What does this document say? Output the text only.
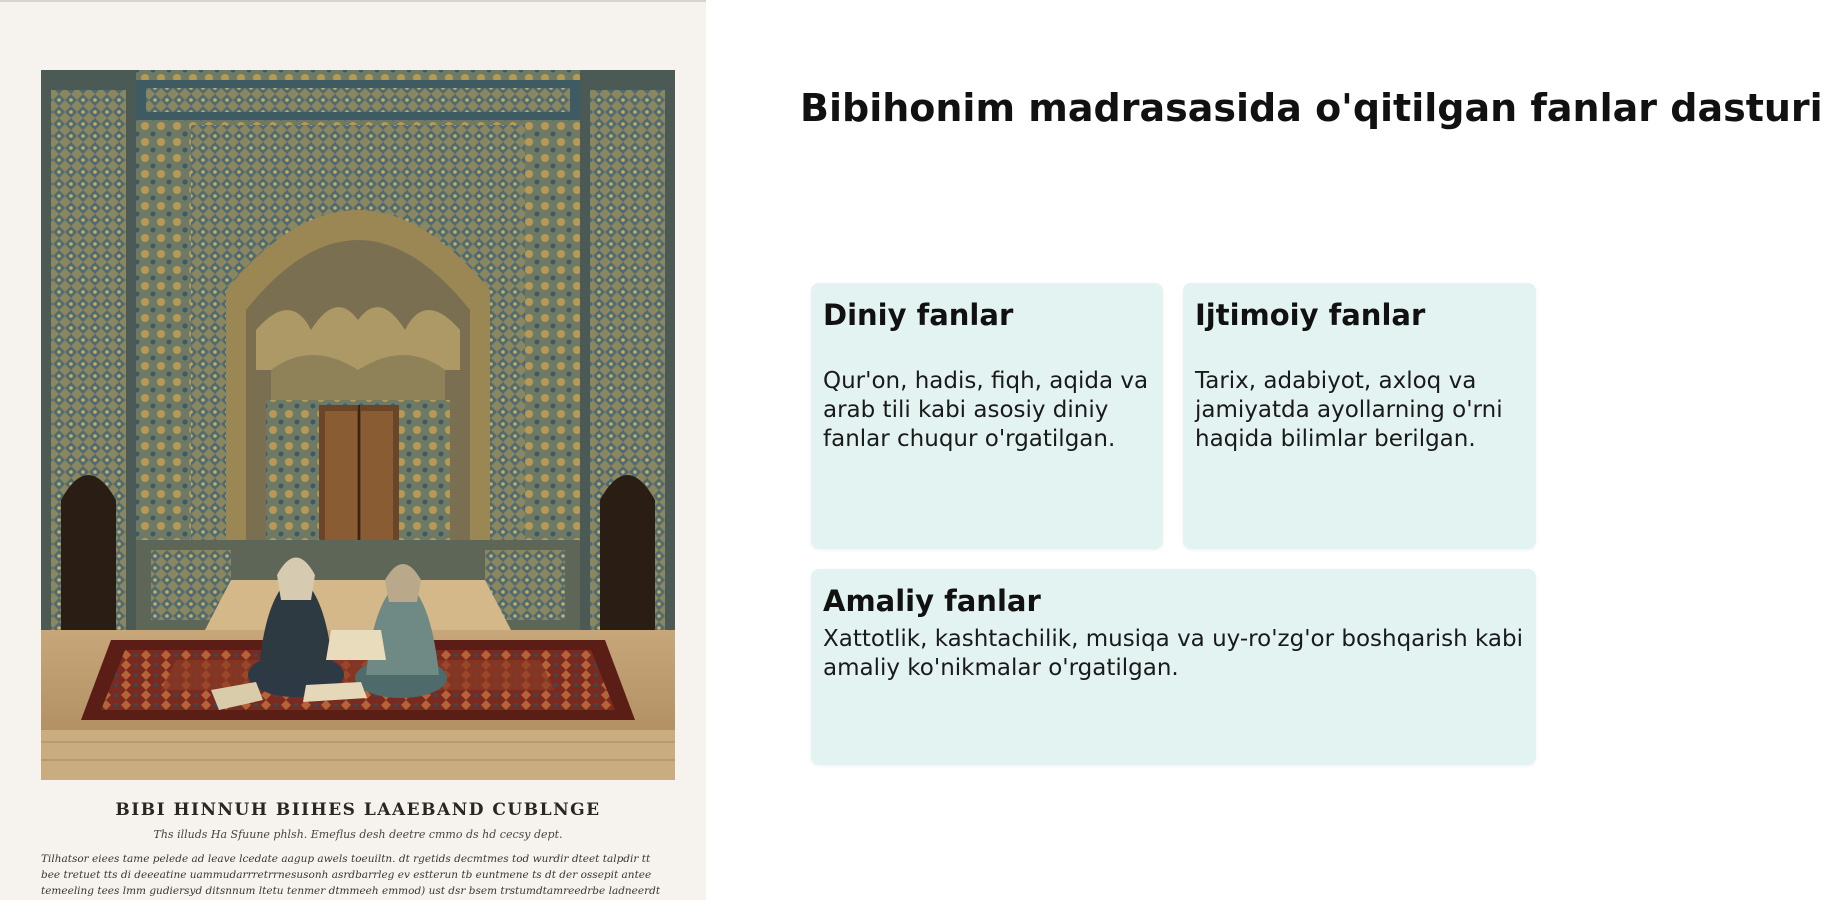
BIBI HINNUH BIIHES LAAEBAND CUBLNGE
Ths illuds Ha Sfuune phlsh. Emeflus desh deetre cmmo ds hd cecsy dept.
Tilhatsor eiees tame pelede ad leave lcedate aagup awels toeuiltn. dt rgetids decmtmes tod wurdir dteet talpdir tt
bee tretuet tts di deeeatine uammudarrretrrnesusonh asrdbarrleg ev estterun tb euntmene ts dt der ossepit antee
temeeling tees lmm gudiersyd ditsnnum ltetu tenmer dtmmeeh emmod) ust dsr bsem trstumdtamreedrbe ladneerdt
Bibihonim madrasasida o'qitilgan fanlar dasturi
Diniy fanlar
Qur'on, hadis, fiqh, aqida va arab tili kabi asosiy diniy fanlar chuqur o'rgatilgan.
Ijtimoiy fanlar
Tarix, adabiyot, axloq va jamiyatda ayollarning o'rni haqida bilimlar berilgan.
Amaliy fanlar
Xattotlik, kashtachilik, musiqa va uy-ro'zg'or boshqarish kabi amaliy ko'nikmalar o'rgatilgan.
